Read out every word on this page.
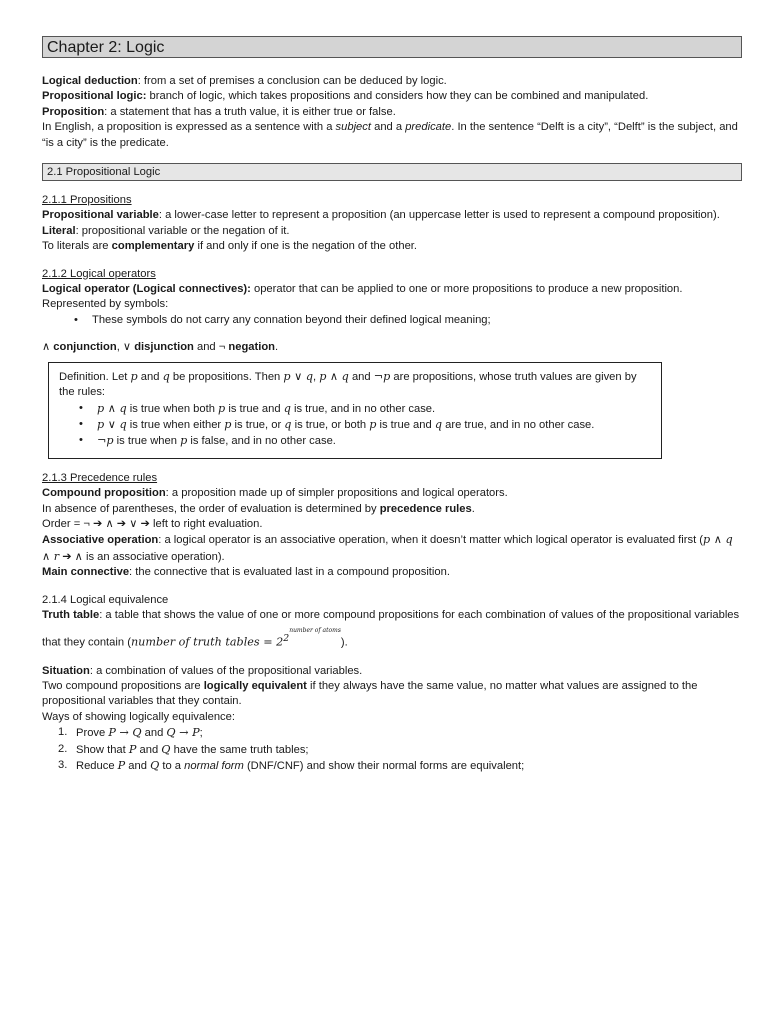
Chapter 2: Logic

Logical deduction: from a set of premises a conclusion can be deduced by logic.

Propositional logic: branch of logic, which takes propositions and considers how they can be combined and manipulated.

Proposition: a statement that has a truth value, it is either true or false.

In English, a proposition is expressed as a sentence with a subject and a predicate. In the sentence “Delft is a city”, “Delft” is the subject, and “is a city” is the predicate.

2.1 Propositional Logic

2.1.1 Propositions

Propositional variable: a lower-case letter to represent a proposition (an uppercase letter is used to represent a compound proposition).

Literal: propositional variable or the negation of it.

To literals are complementary if and only if one is the negation of the other.

2.1.2 Logical operators

Logical operator (Logical connectives): operator that can be applied to one or more propositions to produce a new proposition. Represented by symbols:

• These symbols do not carry any connation beyond their defined logical meaning;

∧ conjunction, ∨ disjunction and ¬ negation.

Definition. Let p and q be propositions. Then p ∨ q, p ∧ q and ¬p are propositions, whose truth values are given by the rules:

• p ∧ q is true when both p is true and q is true, and in no other case.
• p ∨ q is true when either p is true, or q is true, or both p is true and q are true, and in no other case.
• ¬p is true when p is false, and in no other case.

2.1.3 Precedence rules

Compound proposition: a proposition made up of simpler propositions and logical operators.

In absence of parentheses, the order of evaluation is determined by precedence rules.

Order = ¬ ➔ ∧ ➔ ∨ ➔ left to right evaluation.

Associative operation: a logical operator is an associative operation, when it doesn’t matter which logical operator is evaluated first (p ∧ q ∧ r ➔ ∧ is an associative operation).

Main connective: the connective that is evaluated last in a compound proposition.

2.1.4 Logical equivalence

Truth table: a table that shows the value of one or more compound propositions for each combination of values of the propositional variables that they contain (number of truth tables = $2^{2^{number of atoms}}$).

Situation: a combination of values of the propositional variables.

Two compound propositions are logically equivalent if they always have the same value, no matter what values are assigned to the propositional variables that they contain.

Ways of showing logically equivalence:

1. Prove P → Q and Q → P;
2. Show that P and Q have the same truth tables;
3. Reduce P and Q to a normal form (DNF/CNF) and show their normal forms are equivalent;
